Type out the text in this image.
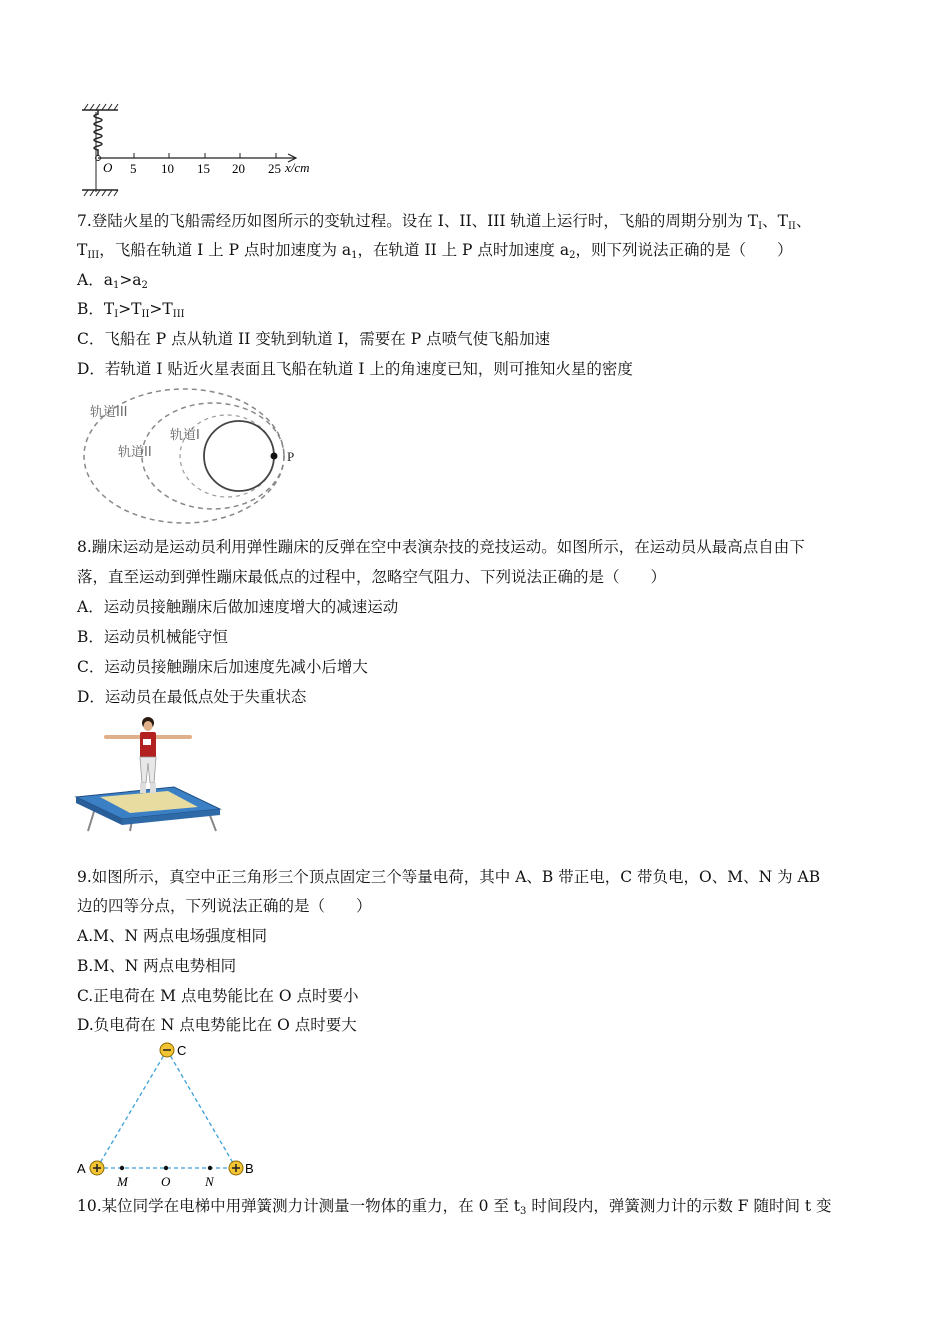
O 5 10 15 20 25 x/cm
7.登陆火星的飞船需经历如图所示的变轨过程。设在 I、II、III 轨道上运行时，飞船的周期分别为 $T_I$、$T_{II}$、
$T_{III}$，飞船在轨道 I 上 P 点时加速度为 $a_1$，在轨道 II 上 P 点时加速度 $a_2$，则下列说法正确的是（　　）
A．$a_1>a_2$
B．$T_I>T_{II}>T_{III}$
C．飞船在 P 点从轨道 II 变轨到轨道 I，需要在 P 点喷气使飞船加速
D．若轨道 I 贴近火星表面且飞船在轨道 I 上的角速度已知，则可推知火星的密度
轨道III
轨道II
轨道I
P
8.蹦床运动是运动员利用弹性蹦床的反弹在空中表演杂技的竞技运动。如图所示，在运动员从最高点自由下
落，直至运动到弹性蹦床最低点的过程中，忽略空气阻力、下列说法正确的是（　　）
A．运动员接触蹦床后做加速度增大的减速运动
B．运动员机械能守恒
C．运动员接触蹦床后加速度先减小后增大
D．运动员在最低点处于失重状态
9.如图所示，真空中正三角形三个顶点固定三个等量电荷，其中 A、B 带正电，C 带负电，O、M、N 为 AB
边的四等分点，下列说法正确的是（　　）
A.M、N 两点电场强度相同
B.M、N 两点电势相同
C.正电荷在 M 点电势能比在 O 点时要小
D.负电荷在 N 点电势能比在 O 点时要大
C
A	B
M	O	N
10.某位同学在电梯中用弹簧测力计测量一物体的重力，在 0 至 $t_3$ 时间段内，弹簧测力计的示数 F 随时间 t 变
